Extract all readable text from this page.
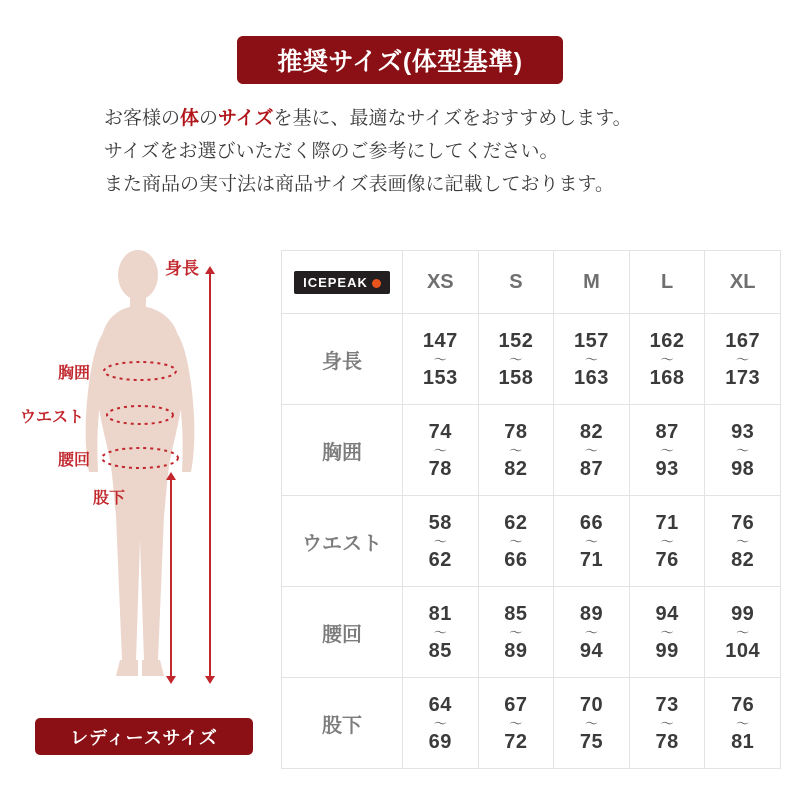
推奨サイズ(体型基準)
お客様の体のサイズを基に、最適なサイズをおすすめします。
サイズをお選びいただく際のご参考にしてください。
また商品の実寸法は商品サイズ表画像に記載しております。
身長
胸囲
ウエスト
腰回
股下
レディースサイズ
ICEPEAK	XS	S	M	L	XL
身長	147
〜
153	152
〜
158	157
〜
163	162
〜
168	167
〜
173

胸囲	74
〜
78	78
〜
82	82
〜
87	87
〜
93	93
〜
98

ウエスト	58
〜
62	62
〜
66	66
〜
71	71
〜
76	76
〜
82

腰回	81
〜
85	85
〜
89	89
〜
94	94
〜
99	99
〜
104

股下	64
〜
69	67
〜
72	70
〜
75	73
〜
78	76
〜
81
